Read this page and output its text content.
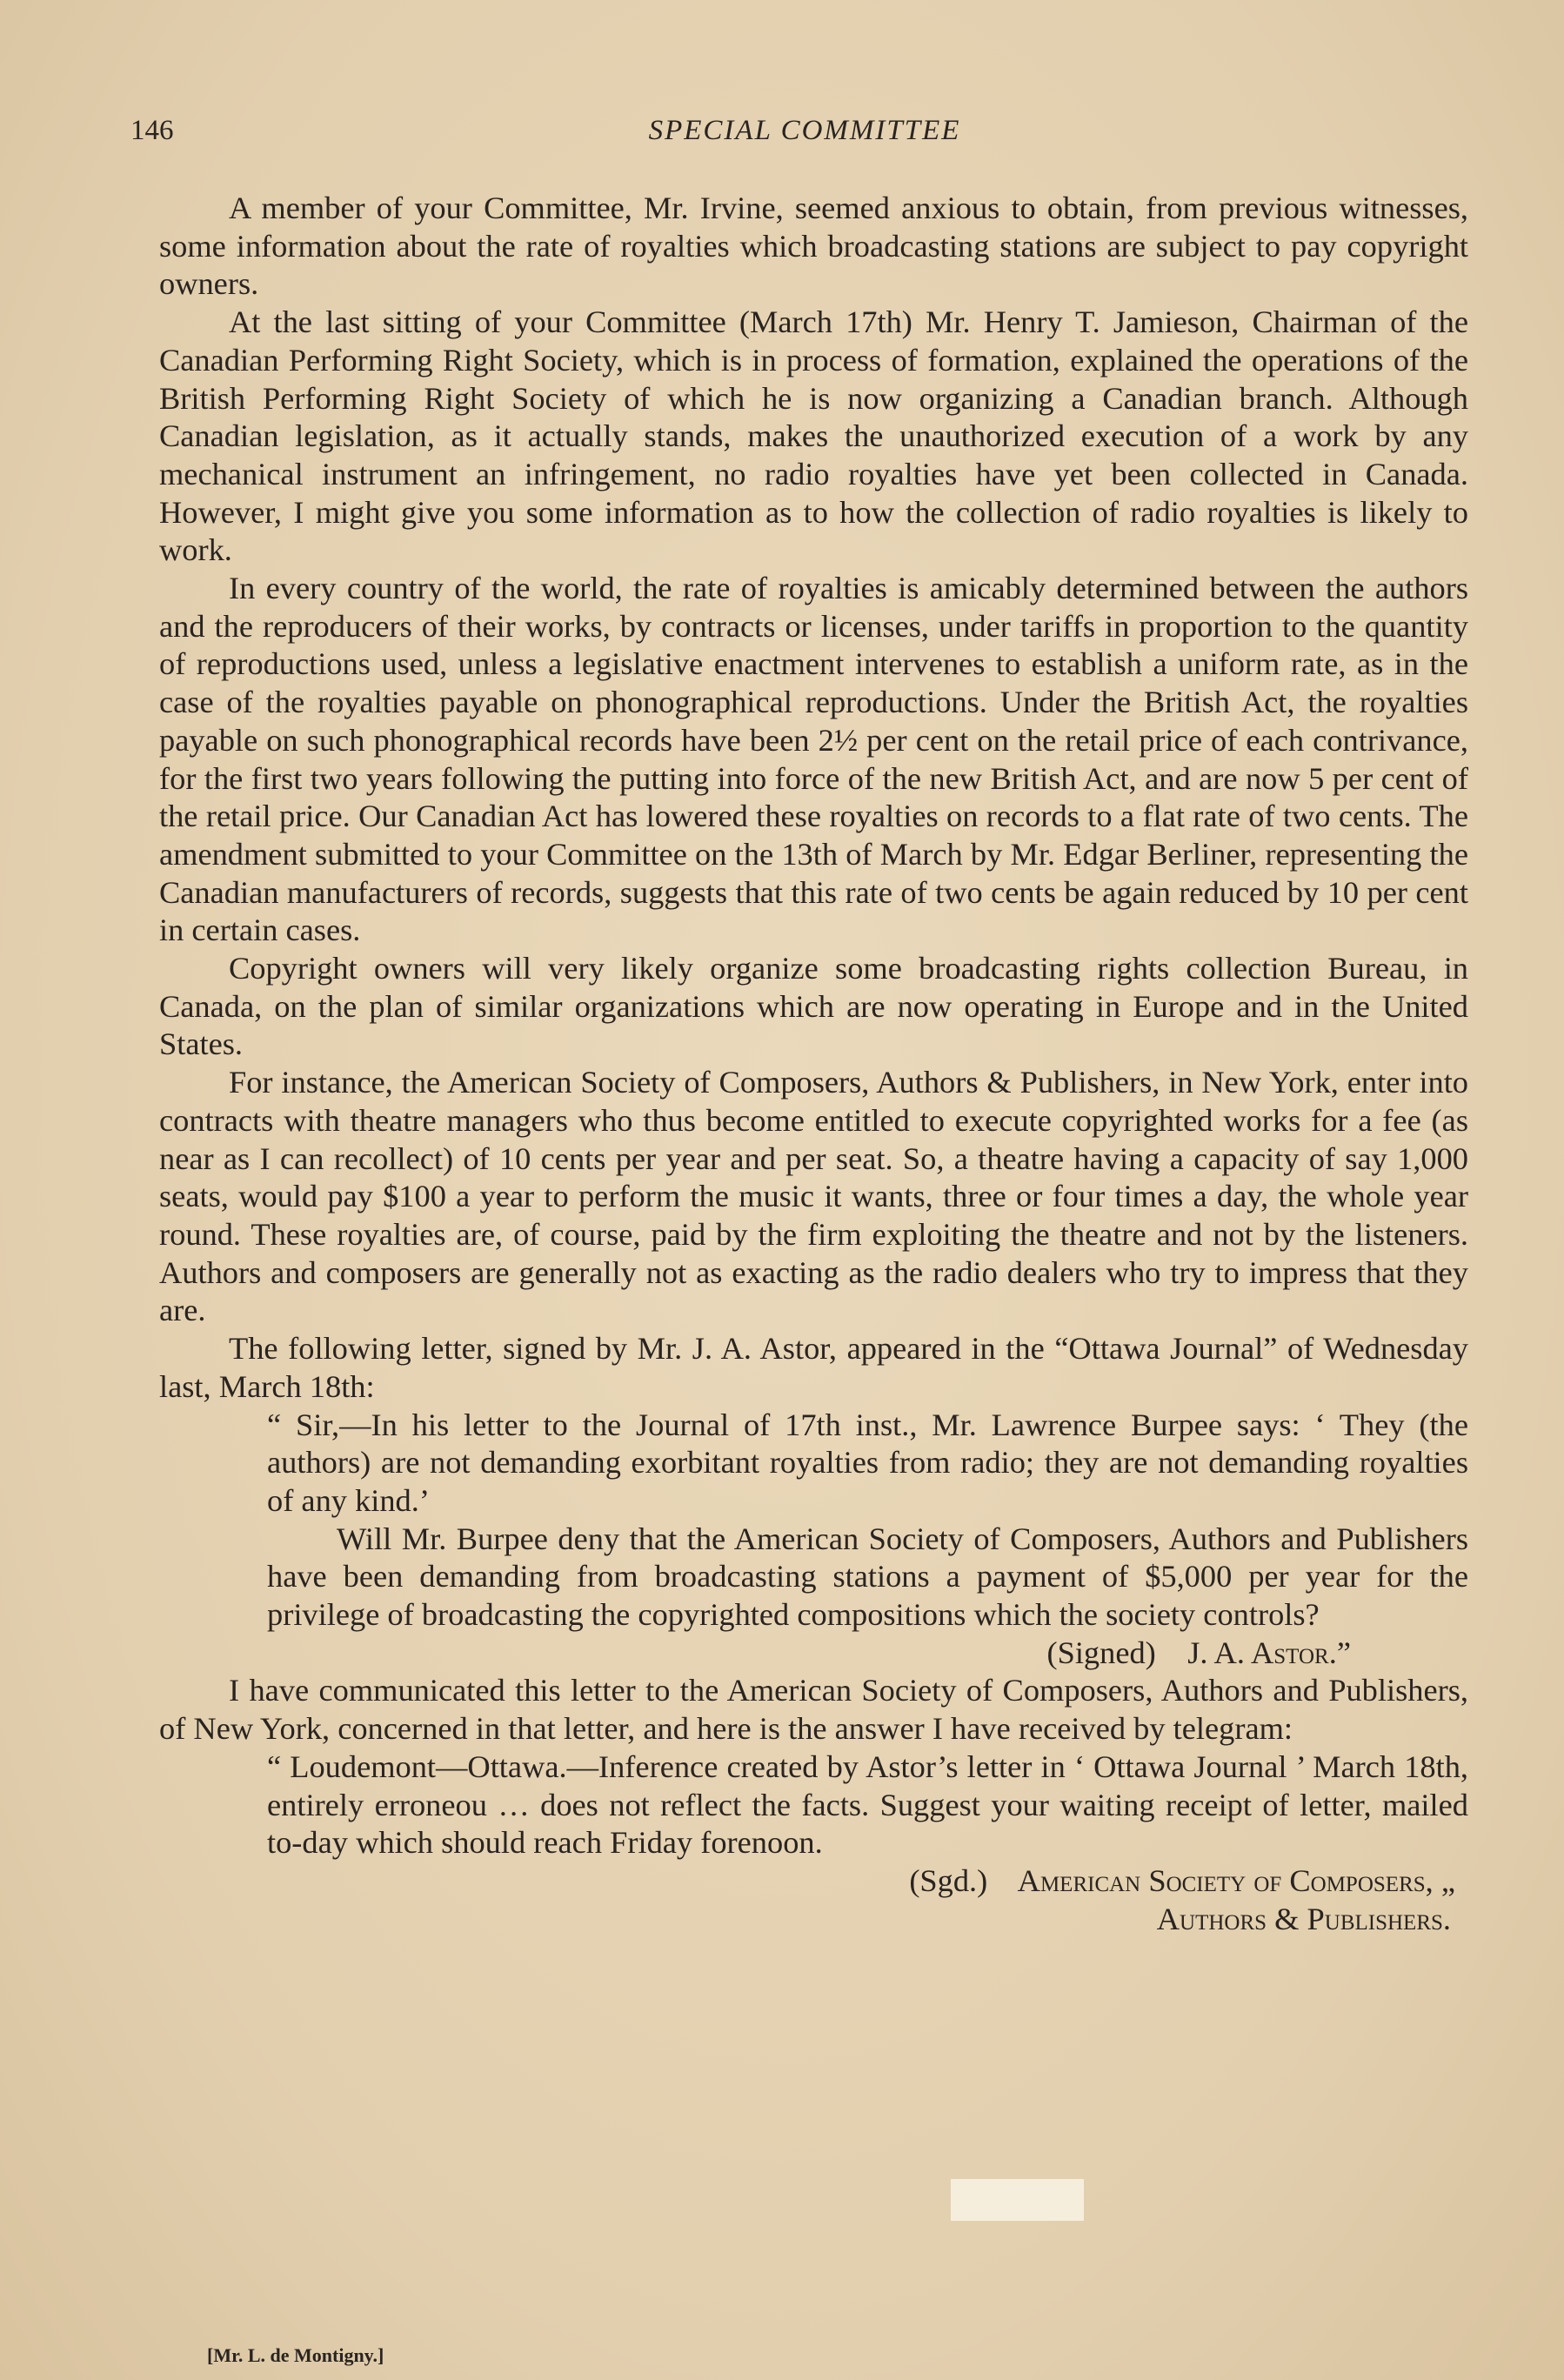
146	SPECIAL COMMITTEE

A member of your Committee, Mr. Irvine, seemed anxious to obtain, from previous witnesses, some information about the rate of royalties which broadcasting stations are subject to pay copyright owners.

At the last sitting of your Committee (March 17th) Mr. Henry T. Jamieson, Chairman of the Canadian Performing Right Society, which is in process of formation, explained the operations of the British Performing Right Society of which he is now organizing a Canadian branch. Although Canadian legislation, as it actually stands, makes the unauthorized execution of a work by any mechanical instrument an infringement, no radio royalties have yet been collected in Canada. However, I might give you some information as to how the collection of radio royalties is likely to work.

In every country of the world, the rate of royalties is amicably determined between the authors and the reproducers of their works, by contracts or licenses, under tariffs in proportion to the quantity of reproductions used, unless a legislative enactment intervenes to establish a uniform rate, as in the case of the royalties payable on phonographical reproductions. Under the British Act, the royalties payable on such phonographical records have been 2½ per cent on the retail price of each contrivance, for the first two years following the putting into force of the new British Act, and are now 5 per cent of the retail price. Our Canadian Act has lowered these royalties on records to a flat rate of two cents. The amendment submitted to your Committee on the 13th of March by Mr. Edgar Berliner, representing the Canadian manufacturers of records, suggests that this rate of two cents be again reduced by 10 per cent in certain cases.

Copyright owners will very likely organize some broadcasting rights collection Bureau, in Canada, on the plan of similar organizations which are now operating in Europe and in the United States.

For instance, the American Society of Composers, Authors & Publishers, in New York, enter into contracts with theatre managers who thus become entitled to execute copyrighted works for a fee (as near as I can recollect) of 10 cents per year and per seat. So, a theatre having a capacity of say 1,000 seats, would pay $100 a year to perform the music it wants, three or four times a day, the whole year round. These royalties are, of course, paid by the firm exploiting the theatre and not by the listeners. Authors and composers are generally not as exacting as the radio dealers who try to impress that they are.

The following letter, signed by Mr. J. A. Astor, appeared in the “Ottawa Journal” of Wednesday last, March 18th:

“ Sir,—In his letter to the Journal of 17th inst., Mr. Lawrence Burpee says: ‘ They (the authors) are not demanding exorbitant royalties from radio; they are not demanding royalties of any kind.’

Will Mr. Burpee deny that the American Society of Composers, Authors and Publishers have been demanding from broadcasting stations a payment of $5,000 per year for the privilege of broadcasting the copyrighted compositions which the society controls?

(Signed) J. A. Astor.”

I have communicated this letter to the American Society of Composers, Authors and Publishers, of New York, concerned in that letter, and here is the answer I have received by telegram:

“ Loudemont—Ottawa.—Inference created by Astor’s letter in ‘ Ottawa Journal ’ March 18th, entirely erroneou … does not reflect the facts. Suggest your waiting receipt of letter, mailed to-day which should reach Friday forenoon.

(Sgd.) American Society of Composers, „
Authors & Publishers.
[Mr. L. de Montigny.]
